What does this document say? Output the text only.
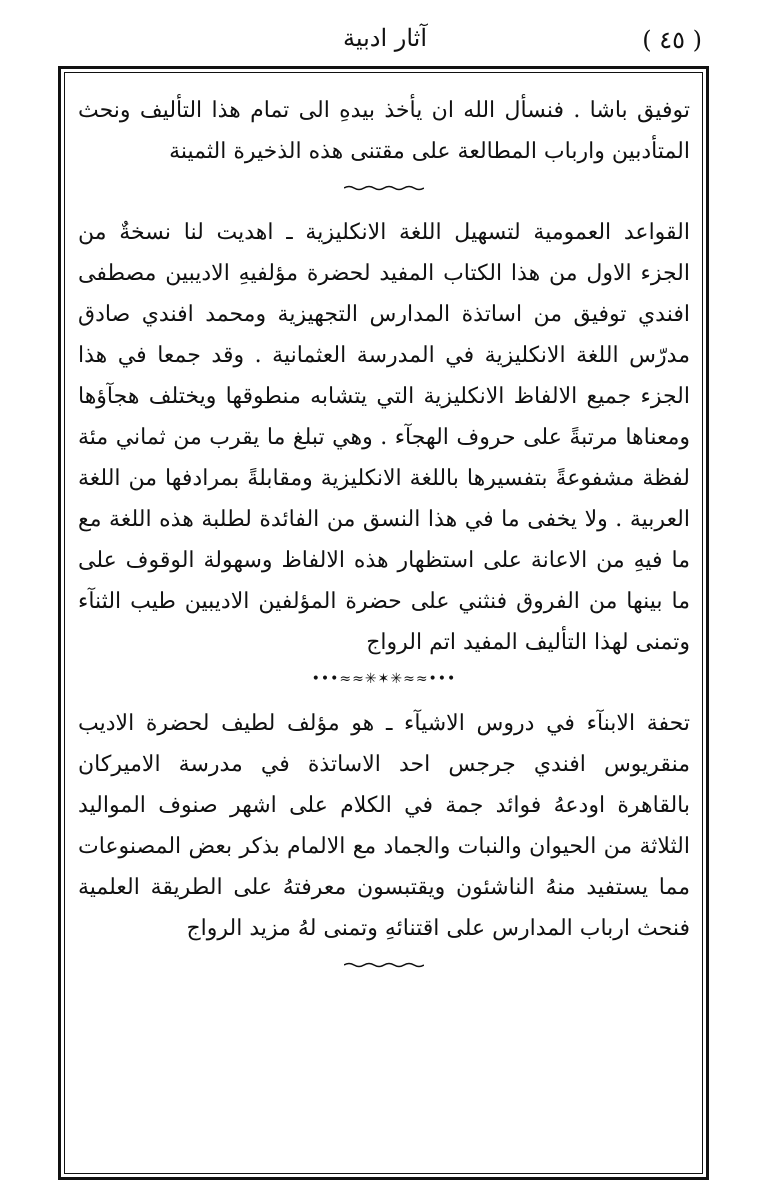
آثار ادبية	( ٤٥ )

توفيق باشا . فنسأل الله ان يأخذ بيدهِ الى تمام هذا التأليف ونحث المتأدبين وارباب المطالعة على مقتنى هذه الذخيرة الثمينة

القواعد العمومية لتسهيل اللغة الانكليزية ـ اهديت لنا نسخةٌ من الجزء الاول من هذا الكتاب المفيد لحضرة مؤلفيهِ الاديبين مصطفى افندي توفيق من اساتذة المدارس التجهيزية ومحمد افندي صادق مدرّس اللغة الانكليزية في المدرسة العثمانية . وقد جمعا في هذا الجزء جميع الالفاظ الانكليزية التي يتشابه منطوقها ويختلف هجآؤها ومعناها مرتبةً على حروف الهجآء . وهي تبلغ ما يقرب من ثماني مئة لفظة مشفوعةً بتفسيرها باللغة الانكليزية ومقابلةً بمرادفها من اللغة العربية . ولا يخفى ما في هذا النسق من الفائدة لطلبة هذه اللغة مع ما فيهِ من الاعانة على استظهار هذه الالفاظ وسهولة الوقوف على ما بينها من الفروق فنثني على حضرة المؤلفين الاديبين طيب الثنآء وتمنى لهذا التأليف المفيد اتم الرواج

•••≈≈✳✶✳≈≈•••

تحفة الابنآء في دروس الاشيآء ـ هو مؤلف لطيف لحضرة الاديب منقريوس افندي جرجس احد الاساتذة في مدرسة الاميركان بالقاهرة اودعهُ فوائد جمة في الكلام على اشهر صنوف المواليد الثلاثة من الحيوان والنبات والجماد مع الالمام بذكر بعض المصنوعات مما يستفيد منهُ الناشئون ويقتبسون معرفتهُ على الطريقة العلمية فنحث ارباب المدارس على اقتنائهِ وتمنى لهُ مزيد الرواج
